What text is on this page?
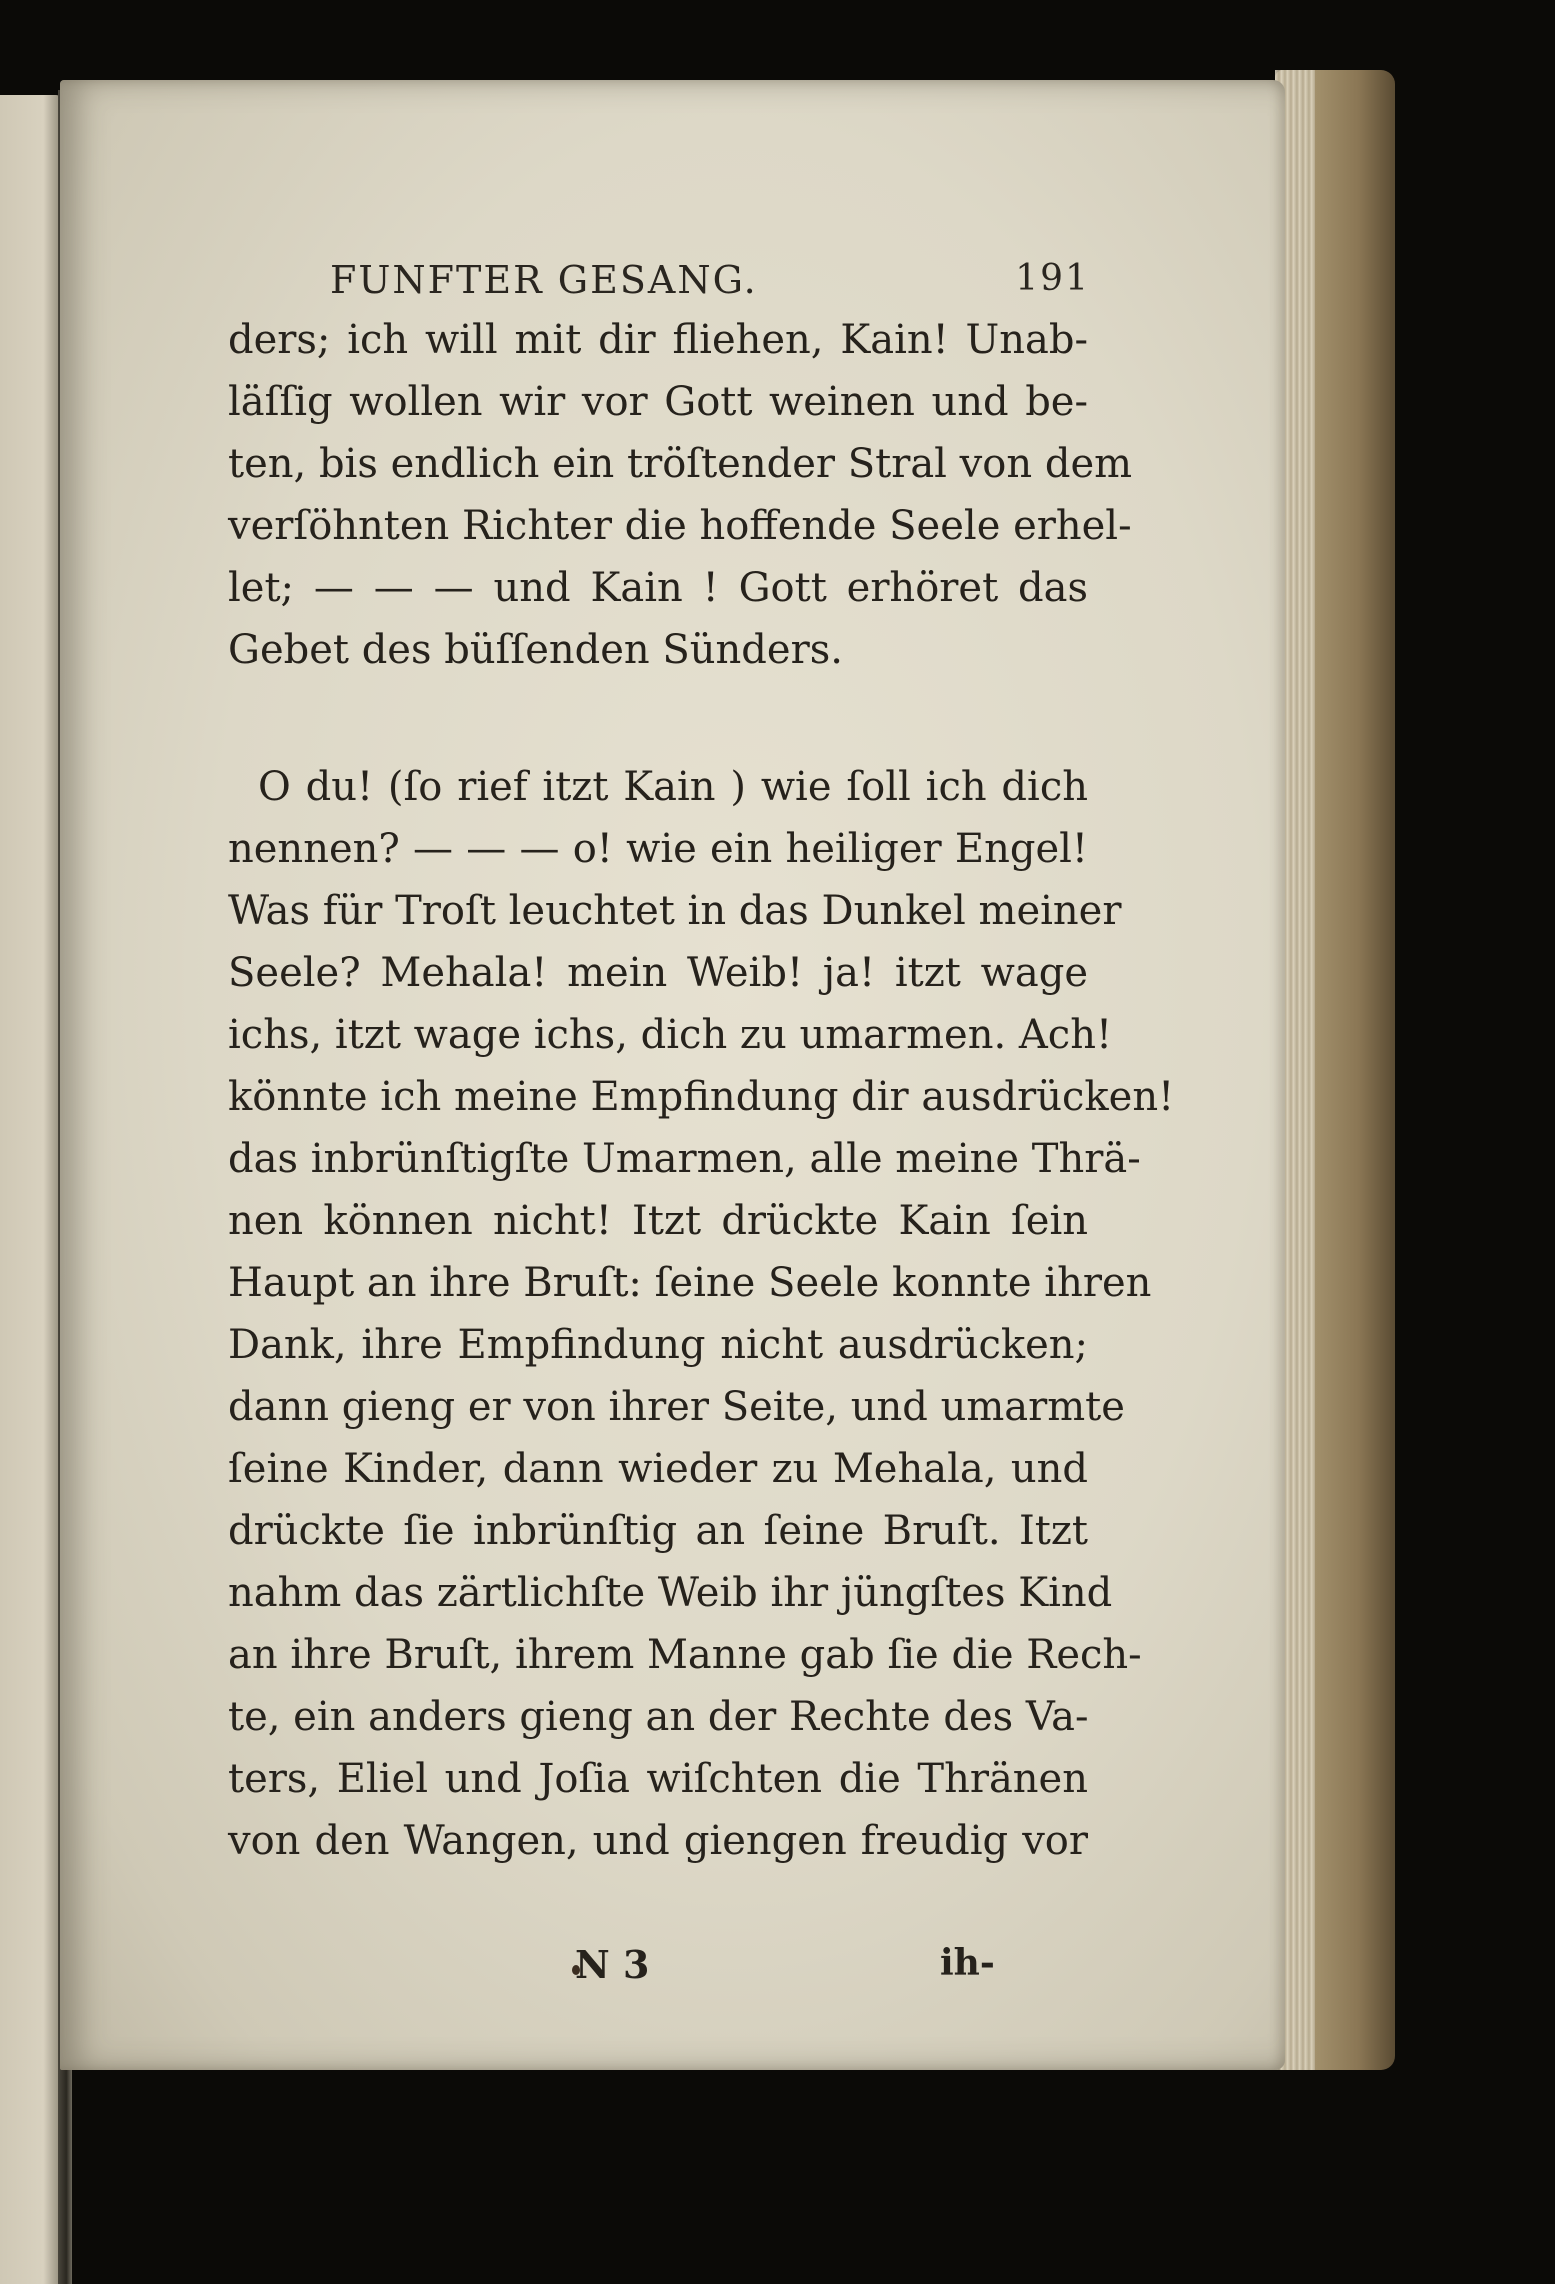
FUNFTER GESANG.	191
ders; ich will mit dir fliehen, Kain! Unab-
läſſig wollen wir vor Gott weinen und be-
ten, bis endlich ein tröſtender Stral von dem
verſöhnten Richter die hoffende Seele erhel-
let; — — — und Kain ! Gott erhöret das
Gebet des büſſenden Sünders.
O du! (ſo rief itzt Kain ) wie ſoll ich dich
nennen? — — — o! wie ein heiliger Engel!
Was für Troſt leuchtet in das Dunkel meiner
Seele? Mehala! mein Weib! ja! itzt wage
ichs, itzt wage ichs, dich zu umarmen. Ach!
könnte ich meine Empfindung dir ausdrücken!
das inbrünſtigſte Umarmen, alle meine Thrä-
nen können nicht! Itzt drückte Kain ſein
Haupt an ihre Bruſt: ſeine Seele konnte ihren
Dank, ihre Empfindung nicht ausdrücken;
dann gieng er von ihrer Seite, und umarmte
ſeine Kinder, dann wieder zu Mehala, und
drückte ſie inbrünſtig an ſeine Bruſt. Itzt
nahm das zärtlichſte Weib ihr jüngſtes Kind
an ihre Bruſt, ihrem Manne gab ſie die Rech-
te, ein anders gieng an der Rechte des Va-
ters, Eliel und Joſia wiſchten die Thränen
von den Wangen, und giengen freudig vor
N 3	ih-
